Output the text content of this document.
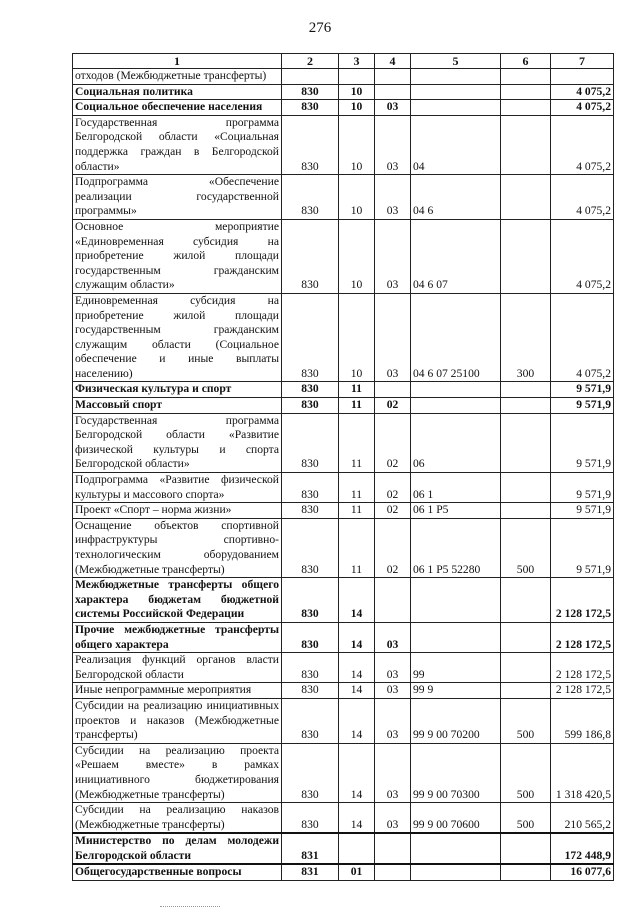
276
1	2	3	4	5	6	7
отходов (Межбюджетные трансферты)						
Социальная политика	830	10				4 075,2
Социальное обеспечение населения	830	10	03			4 075,2
Государственная программа Белгородской области «Социальная поддержка граждан в Белгородской области»	830	10	03	04		4 075,2
Подпрограмма «Обеспечение реализации государственной программы»	830	10	03	04 6		4 075,2
Основное мероприятие «Единовременная субсидия на приобретение жилой площади государственным гражданским служащим области»	830	10	03	04 6 07		4 075,2
Единовременная субсидия на приобретение жилой площади государственным гражданским служащим области (Социальное обеспечение и иные выплаты населению)	830	10	03	04 6 07 25100	300	4 075,2
Физическая культура и спорт	830	11				9 571,9
Массовый спорт	830	11	02			9 571,9
Государственная программа Белгородской области «Развитие физической культуры и спорта Белгородской области»	830	11	02	06		9 571,9
Подпрограмма «Развитие физической культуры и массового спорта»	830	11	02	06 1		9 571,9
Проект «Спорт – норма жизни»	830	11	02	06 1 P5		9 571,9
Оснащение объектов спортивной инфраструктуры спортивно-технологическим оборудованием (Межбюджетные трансферты)	830	11	02	06 1 P5 52280	500	9 571,9
Межбюджетные трансферты общего характера бюджетам бюджетной системы Российской Федерации	830	14				2 128 172,5
Прочие межбюджетные трансферты общего характера	830	14	03			2 128 172,5
Реализация функций органов власти Белгородской области	830	14	03	99		2 128 172,5
Иные непрограммные мероприятия	830	14	03	99 9		2 128 172,5
Субсидии на реализацию инициативных проектов и наказов (Межбюджетные трансферты)	830	14	03	99 9 00 70200	500	599 186,8
Субсидии на реализацию проекта «Решаем вместе» в рамках инициативного бюджетирования (Межбюджетные трансферты)	830	14	03	99 9 00 70300	500	1 318 420,5
Субсидии на реализацию наказов (Межбюджетные трансферты)	830	14	03	99 9 00 70600	500	210 565,2
Министерство по делам молодежи Белгородской области	831					172 448,9
Общегосударственные вопросы	831	01				16 077,6
